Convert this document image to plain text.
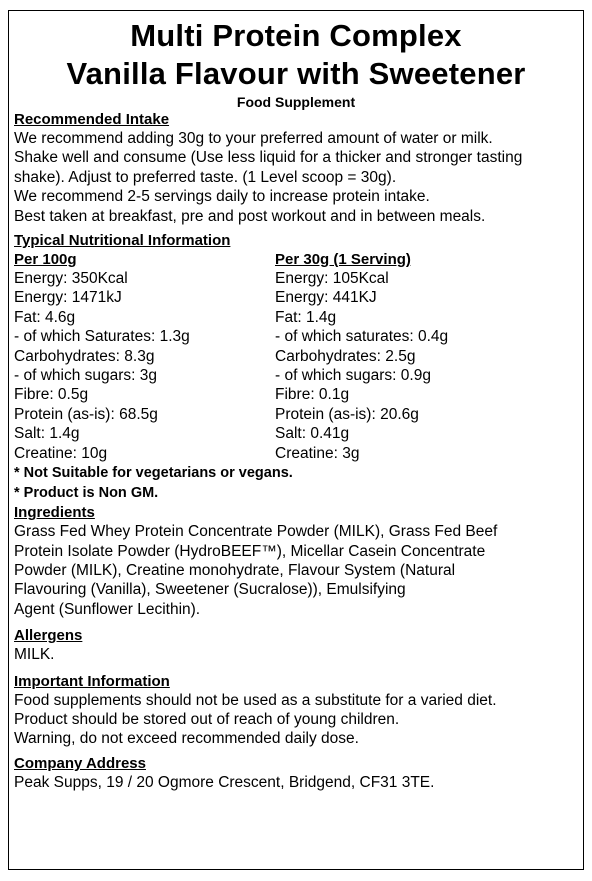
Multi Protein Complex
Vanilla Flavour with Sweetener
Food Supplement
Recommended Intake
We recommend adding 30g to your preferred amount of water or milk.
Shake well and consume (Use less liquid for a thicker and stronger tasting
shake). Adjust to preferred taste. (1 Level scoop = 30g).
We recommend 2-5 servings daily to increase protein intake.
Best taken at breakfast, pre and post workout and in between meals.
Typical Nutritional Information
Per 100g
Energy: 350Kcal
Energy: 1471kJ
Fat: 4.6g
- of which Saturates: 1.3g
Carbohydrates: 8.3g
- of which sugars: 3g
Fibre: 0.5g
Protein (as-is): 68.5g
Salt: 1.4g
Creatine: 10g
Per 30g (1 Serving)
Energy: 105Kcal
Energy: 441KJ
Fat: 1.4g
- of which saturates: 0.4g
Carbohydrates: 2.5g
- of which sugars: 0.9g
Fibre: 0.1g
Protein (as-is): 20.6g
Salt: 0.41g
Creatine: 3g
* Not Suitable for vegetarians or vegans.
* Product is Non GM.
Ingredients
Grass Fed Whey Protein Concentrate Powder (MILK), Grass Fed Beef
Protein Isolate Powder (HydroBEEF™), Micellar Casein Concentrate
Powder (MILK), Creatine monohydrate, Flavour System (Natural
Flavouring (Vanilla), Sweetener (Sucralose)), Emulsifying
Agent (Sunflower Lecithin).
Allergens
MILK.
Important Information
Food supplements should not be used as a substitute for a varied diet.
Product should be stored out of reach of young children.
Warning, do not exceed recommended daily dose.
Company Address
Peak Supps, 19 / 20 Ogmore Crescent, Bridgend, CF31 3TE.
